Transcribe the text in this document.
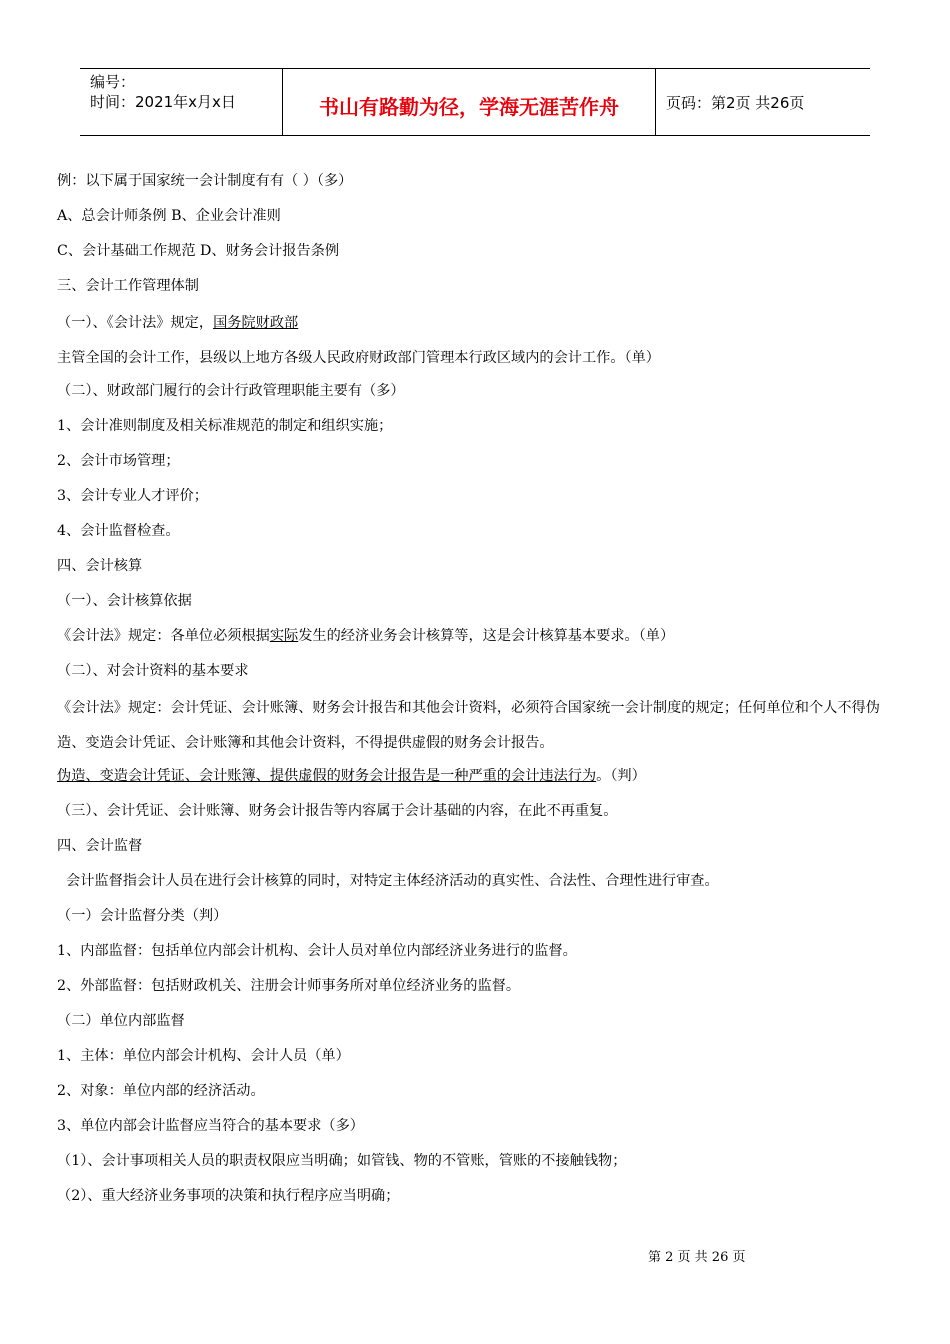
编号：
时间：2021年x月x日	书山有路勤为径，学海无涯苦作舟	页码：第2页 共26页
例：以下属于国家统一会计制度有有（ ）（多）
A、总会计师条例 B、企业会计准则
C、会计基础工作规范 D、财务会计报告条例
三、会计工作管理体制
（一）、《会计法》规定，国务院财政部主管全国的会计工作，县级以上地方各级人民政府财政部门管理本行政区域内的会计工作。（单）
（二）、财政部门履行的会计行政管理职能主要有（多）
1、会计准则制度及相关标准规范的制定和组织实施；
2、会计市场管理；
3、会计专业人才评价；
4、会计监督检查。
四、会计核算
（一）、会计核算依据
《会计法》规定：各单位必须根据实际发生的经济业务会计核算等，这是会计核算基本要求。（单）
（二）、对会计资料的基本要求
《会计法》规定：会计凭证、会计账簿、财务会计报告和其他会计资料，必须符合国家统一会计制度的规定；任何单位和个人不得伪造、变造会计凭证、会计账簿和其他会计资料，不得提供虚假的财务会计报告。
伪造、变造会计凭证、会计账簿、提供虚假的财务会计报告是一种严重的会计违法行为。（判）
（三）、会计凭证、会计账簿、财务会计报告等内容属于会计基础的内容，在此不再重复。
四、会计监督
会计监督指会计人员在进行会计核算的同时，对特定主体经济活动的真实性、合法性、合理性进行审查。
（一）会计监督分类（判）
1、内部监督：包括单位内部会计机构、会计人员对单位内部经济业务进行的监督。
2、外部监督：包括财政机关、注册会计师事务所对单位经济业务的监督。
（二）单位内部监督
1、主体：单位内部会计机构、会计人员（单）
2、对象：单位内部的经济活动。
3、单位内部会计监督应当符合的基本要求（多）
（1）、会计事项相关人员的职责权限应当明确；如管钱、物的不管账，管账的不接触钱物；
（2）、重大经济业务事项的决策和执行程序应当明确；
第 2 页 共 26 页
